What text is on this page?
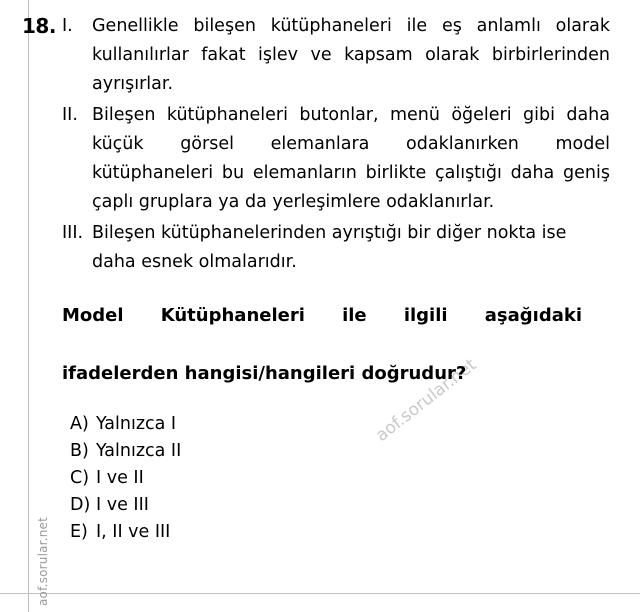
aof.sorular.net
aof.sorular.net
18. I.	Genellikle bileşen kütüphaneleri ile eş anlamlı olarak kullanılırlar fakat işlev ve kapsam olarak birbirlerinden ayrışırlar.
II. Bileşen kütüphaneleri butonlar, menü öğeleri gibi daha küçük görsel elemanlara odaklanırken model kütüphaneleri bu elemanların birlikte çalıştığı daha geniş çaplı gruplara ya da yerleşimlere odaklanırlar.
III. Bileşen kütüphanelerinden ayrıştığı bir diğer nokta ise daha esnek olmalarıdır.
Model Kütüphaneleri ile ilgili aşağıdaki
ifadelerden hangisi/hangileri doğrudur?
A) Yalnızca I
B) Yalnızca II
C) I ve II
D) I ve III
E) I, II ve III
